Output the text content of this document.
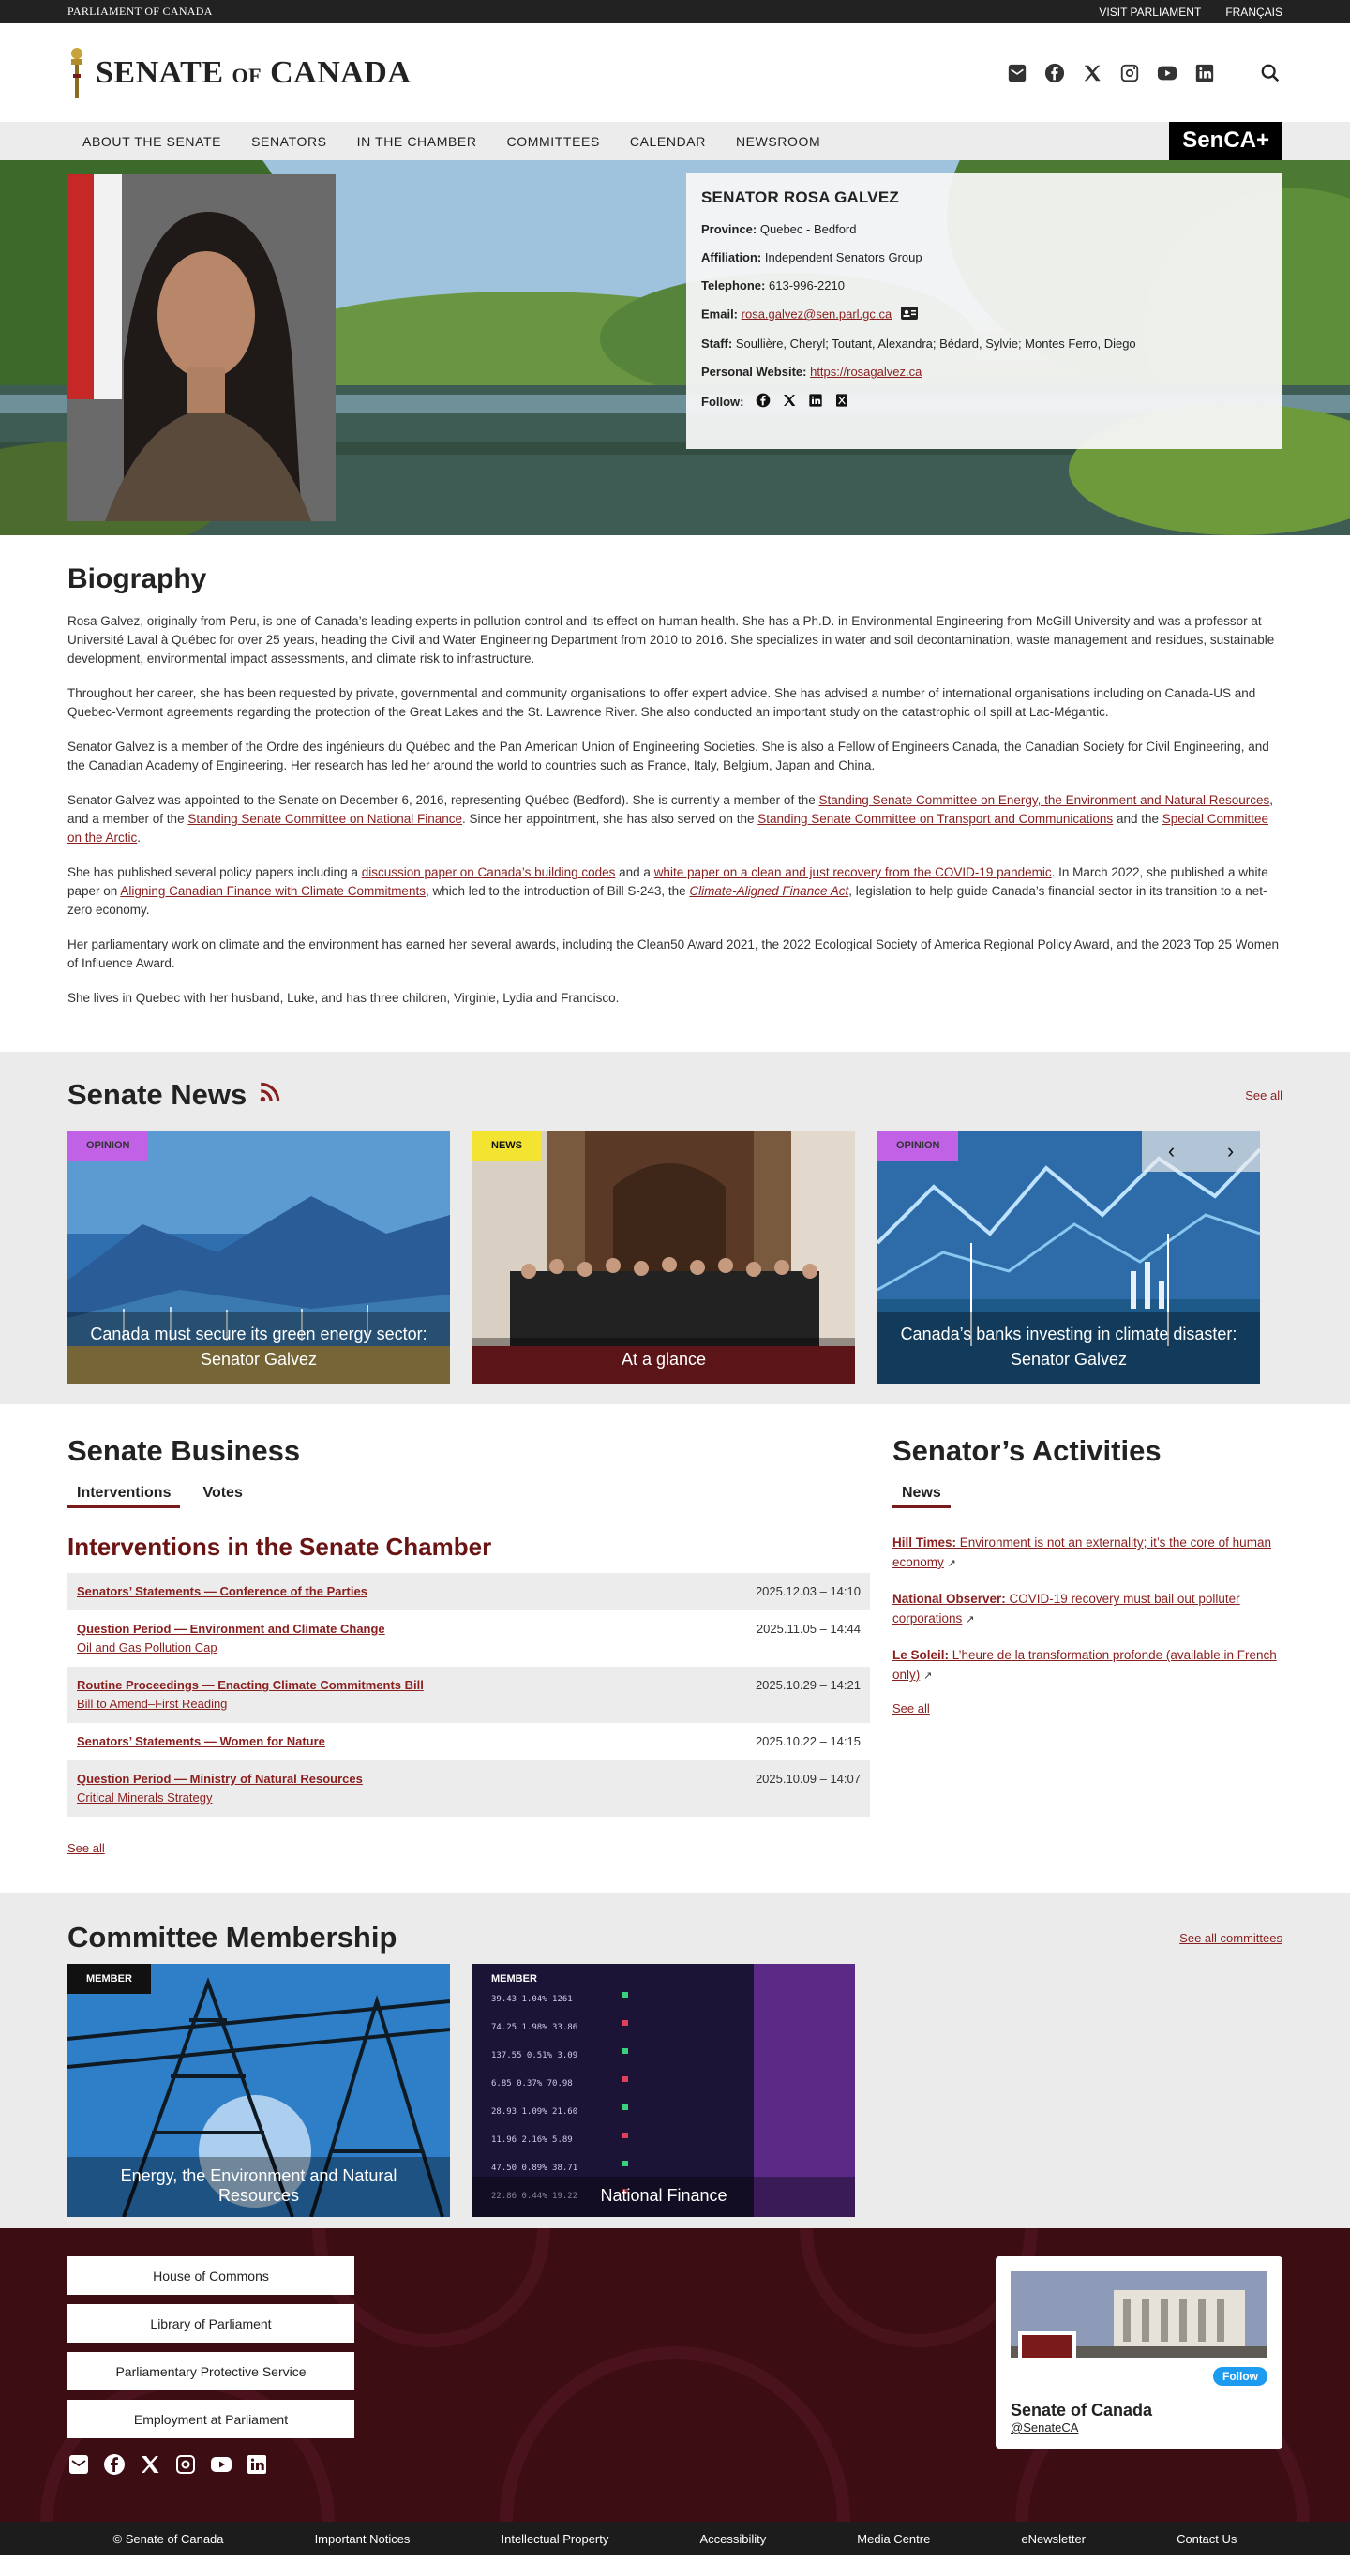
PARLIAMENT OF CANADA	VISIT PARLIAMENT FRANÇAIS
SENATE OF CANADA
ABOUT THE SENATE	SENATORS	IN THE CHAMBER	COMMITTEES	CALENDAR	NEWSROOM	SenCA+
SENATOR ROSA GALVEZ
Province: Quebec - Bedford
Affiliation: Independent Senators Group
Telephone: 613-996-2210
Email: rosa.galvez@sen.parl.gc.ca
Staff: Soullière, Cheryl; Toutant, Alexandra; Bédard, Sylvie; Montes Ferro, Diego
Personal Website: https://rosagalvez.ca
Follow:
Biography

Rosa Galvez, originally from Peru, is one of Canada’s leading experts in pollution control and its effect on human health. She has a Ph.D. in Environmental Engineering from McGill University and was a professor at Université Laval à Québec for over 25 years, heading the Civil and Water Engineering Department from 2010 to 2016. She specializes in water and soil decontamination, waste management and residues, sustainable development, environmental impact assessments, and climate risk to infrastructure.

Throughout her career, she has been requested by private, governmental and community organisations to offer expert advice. She has advised a number of international organisations including on Canada-US and Quebec-Vermont agreements regarding the protection of the Great Lakes and the St. Lawrence River. She also conducted an important study on the catastrophic oil spill at Lac-Mégantic.

Senator Galvez is a member of the Ordre des ingénieurs du Québec and the Pan American Union of Engineering Societies. She is also a Fellow of Engineers Canada, the Canadian Society for Civil Engineering, and the Canadian Academy of Engineering. Her research has led her around the world to countries such as France, Italy, Belgium, Japan and China.

Senator Galvez was appointed to the Senate on December 6, 2016, representing Québec (Bedford). She is currently a member of the Standing Senate Committee on Energy, the Environment and Natural Resources, and a member of the Standing Senate Committee on National Finance. Since her appointment, she has also served on the Standing Senate Committee on Transport and Communications and the Special Committee on the Arctic.

She has published several policy papers including a discussion paper on Canada’s building codes and a white paper on a clean and just recovery from the COVID-19 pandemic. In March 2022, she published a white paper on Aligning Canadian Finance with Climate Commitments, which led to the introduction of Bill S-243, the Climate-Aligned Finance Act, legislation to help guide Canada’s financial sector in its transition to a net-zero economy.

Her parliamentary work on climate and the environment has earned her several awards, including the Clean50 Award 2021, the 2022 Ecological Society of America Regional Policy Award, and the 2023 Top 25 Women of Influence Award.

She lives in Quebec with her husband, Luke, and has three children, Virginie, Lydia and Francisco.

Senate News	See all
OPINION
Canada must secure its green energy sector: Senator Galvez
NEWS
At a glance
OPINION	‹	›
Canada’s banks investing in climate disaster: Senator Galvez
Senate Business
Interventions	Votes
Interventions in the Senate Chamber
Senators’ Statements — Conference of the Parties	2025.12.03 – 14:10
Question Period — Environment and Climate Change
Oil and Gas Pollution Cap
2025.11.05 – 14:44
Routine Proceedings — Enacting Climate Commitments Bill
Bill to Amend–First Reading
2025.10.29 – 14:21
Senators’ Statements — Women for Nature	2025.10.22 – 14:15
Question Period — Ministry of Natural Resources
Critical Minerals Strategy
2025.10.09 – 14:07
See all
Senator’s Activities
News
Hill Times: Environment is not an externality; it’s the core of human economy ↗
National Observer: COVID-19 recovery must bail out polluter corporations ↗
Le Soleil: L’heure de la transformation profonde (available in French only) ↗
See all
Committee Membership	See all committees
MEMBER
Energy, the Environment and Natural Resources
MEMBER
39.43 1.04% 1261
74.25 1.98% 33.86
137.55 0.51% 3.09
6.85 0.37% 70.98
28.93 1.09% 21.60
11.96 2.16% 5.89
47.50 0.89% 38.71
22.86 0.44% 19.22	National Finance
House of Commons
Library of Parliament
Parliamentary Protective Service
Employment at Parliament
Follow
Senate of Canada
@SenateCA
© Senate of Canada	Important Notices	Intellectual Property	Accessibility	Media Centre	eNewsletter	Contact Us
